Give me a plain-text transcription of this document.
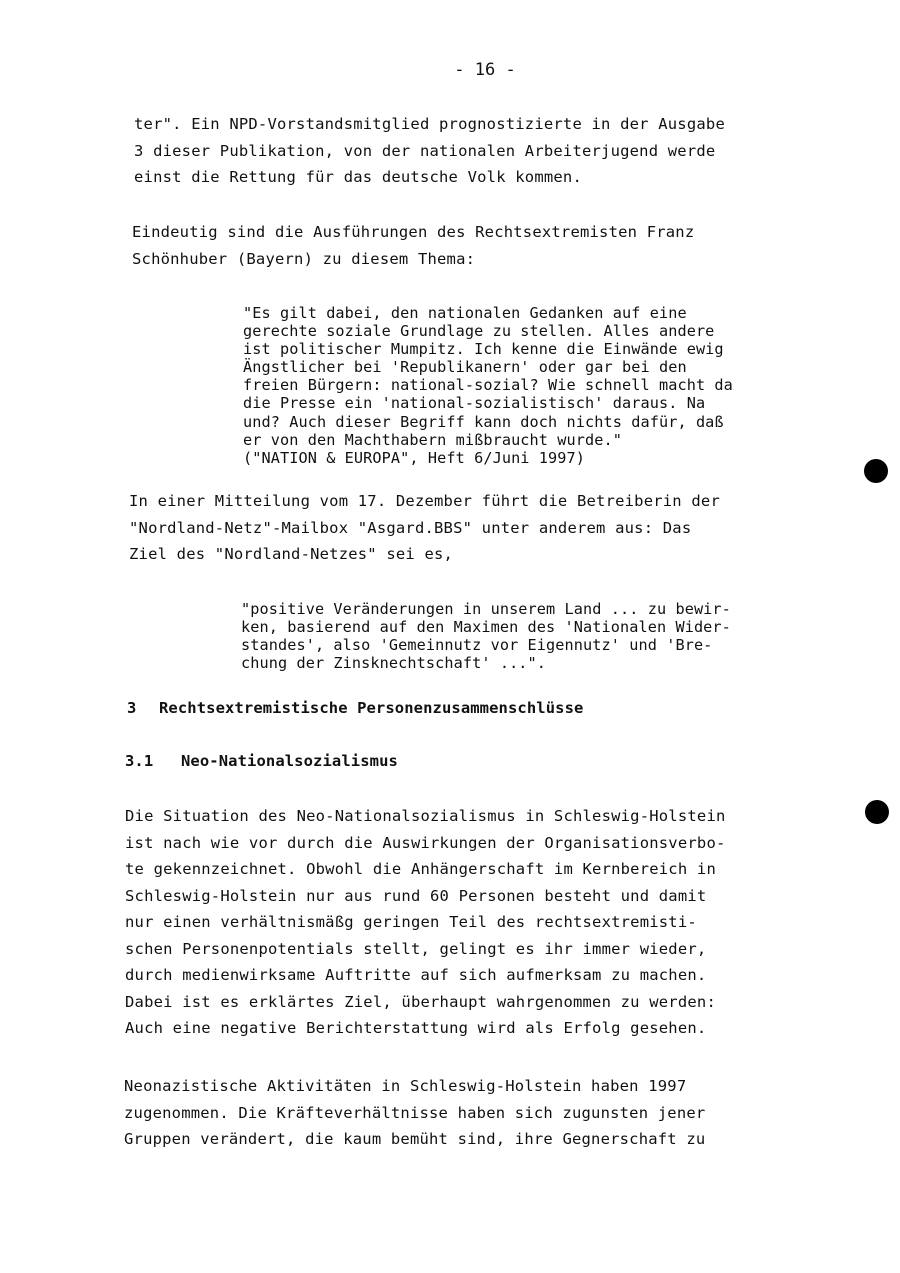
- 16 -

ter". Ein NPD-Vorstandsmitglied prognostizierte in der Ausgabe
3 dieser Publikation, von der nationalen Arbeiterjugend werde
einst die Rettung für das deutsche Volk kommen.

Eindeutig sind die Ausführungen des Rechtsextremisten Franz
Schönhuber (Bayern) zu diesem Thema:

"Es gilt dabei, den nationalen Gedanken auf eine
gerechte soziale Grundlage zu stellen. Alles andere
ist politischer Mumpitz. Ich kenne die Einwände ewig
Ängstlicher bei 'Republikanern' oder gar bei den
freien Bürgern: national-sozial? Wie schnell macht da
die Presse ein 'national-sozialistisch' daraus. Na
und? Auch dieser Begriff kann doch nichts dafür, daß
er von den Machthabern mißbraucht wurde."
("NATION & EUROPA", Heft 6/Juni 1997)

In einer Mitteilung vom 17. Dezember führt die Betreiberin der
"Nordland-Netz"-Mailbox "Asgard.BBS" unter anderem aus: Das
Ziel des "Nordland-Netzes" sei es,

"positive Veränderungen in unserem Land ... zu bewir-
ken, basierend auf den Maximen des 'Nationalen Wider-
standes', also 'Gemeinnutz vor Eigennutz' und 'Bre-
chung der Zinsknechtschaft' ...".

3 Rechtsextremistische Personenzusammenschlüsse
3.1 Neo-Nationalsozialismus

Die Situation des Neo-Nationalsozialismus in Schleswig-Holstein
ist nach wie vor durch die Auswirkungen der Organisationsverbo-
te gekennzeichnet. Obwohl die Anhängerschaft im Kernbereich in
Schleswig-Holstein nur aus rund 60 Personen besteht und damit
nur einen verhältnismäßg geringen Teil des rechtsextremisti-
schen Personenpotentials stellt, gelingt es ihr immer wieder,
durch medienwirksame Auftritte auf sich aufmerksam zu machen.
Dabei ist es erklärtes Ziel, überhaupt wahrgenommen zu werden:
Auch eine negative Berichterstattung wird als Erfolg gesehen.

Neonazistische Aktivitäten in Schleswig-Holstein haben 1997
zugenommen. Die Kräfteverhältnisse haben sich zugunsten jener
Gruppen verändert, die kaum bemüht sind, ihre Gegnerschaft zu
